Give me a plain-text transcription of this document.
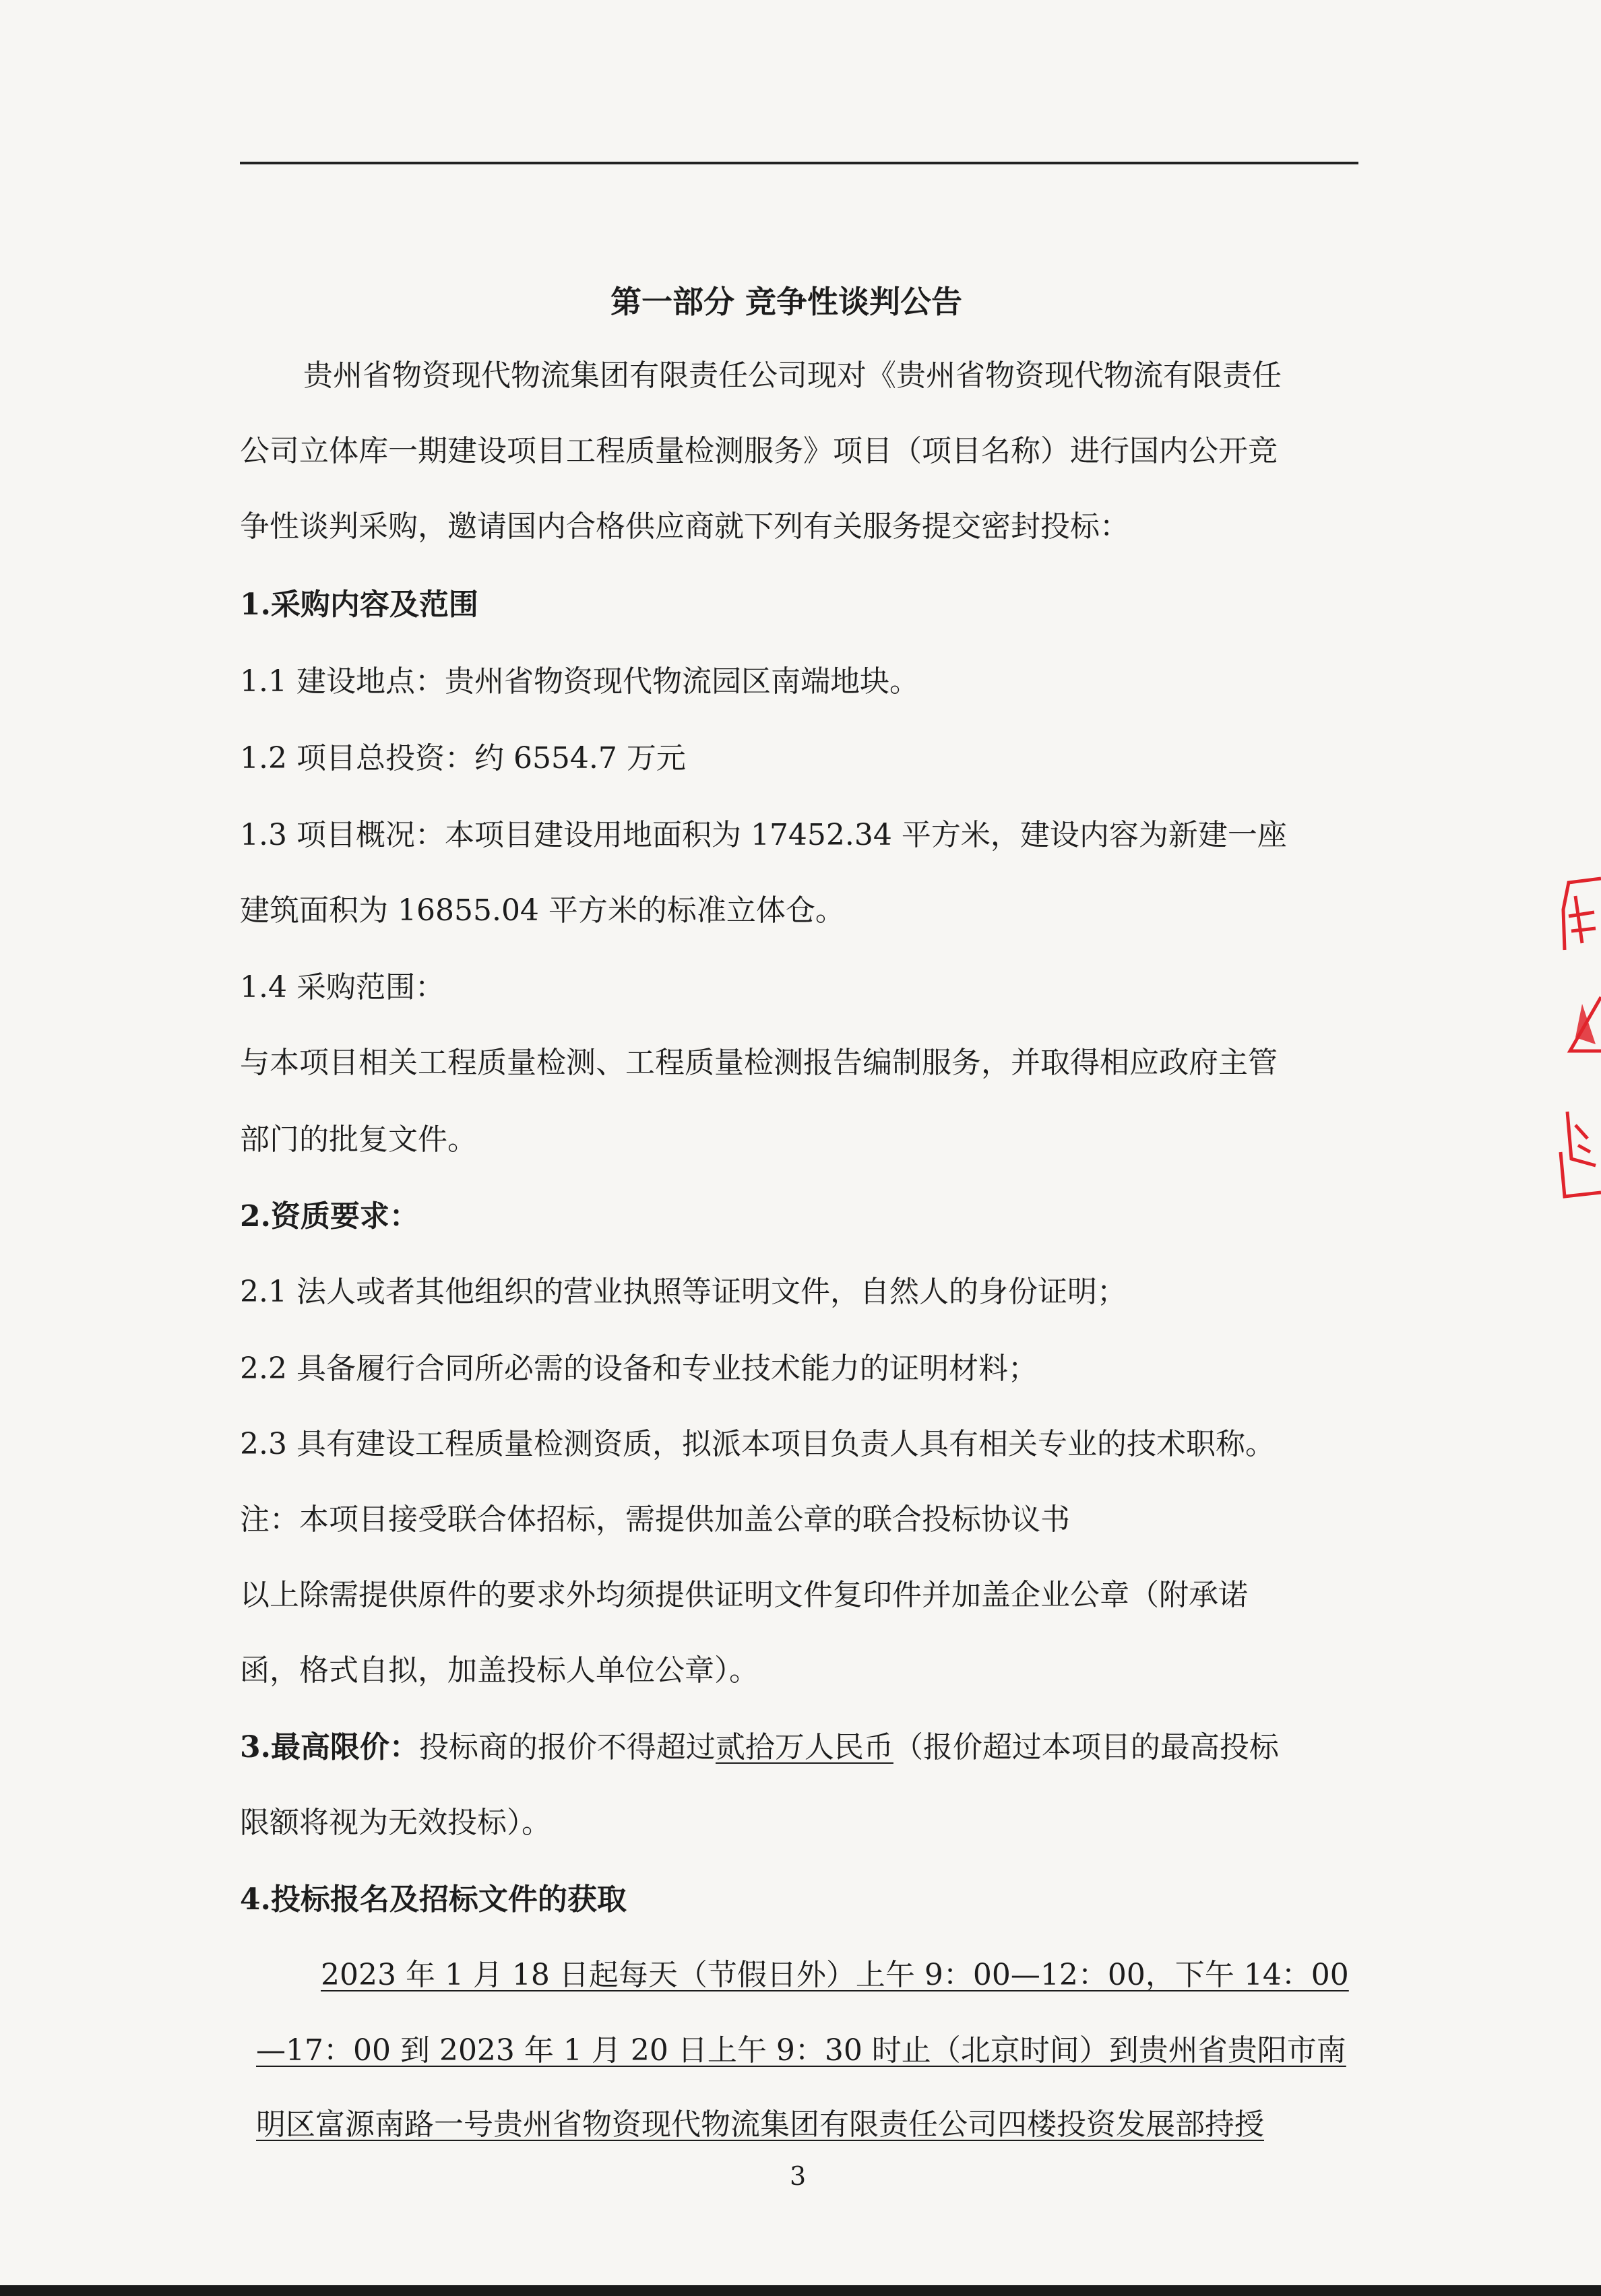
第一部分 竞争性谈判公告
贵州省物资现代物流集团有限责任公司现对《贵州省物资现代物流有限责任
公司立体库一期建设项目工程质量检测服务》项目（项目名称）进行国内公开竞
争性谈判采购，邀请国内合格供应商就下列有关服务提交密封投标：
1.采购内容及范围
1.1 建设地点：贵州省物资现代物流园区南端地块。
1.2 项目总投资：约 6554.7 万元
1.3 项目概况：本项目建设用地面积为 17452.34 平方米，建设内容为新建一座
建筑面积为 16855.04 平方米的标准立体仓。
1.4 采购范围：
与本项目相关工程质量检测、工程质量检测报告编制服务，并取得相应政府主管
部门的批复文件。
2.资质要求：
2.1 法人或者其他组织的营业执照等证明文件，自然人的身份证明；
2.2 具备履行合同所必需的设备和专业技术能力的证明材料；
2.3 具有建设工程质量检测资质，拟派本项目负责人具有相关专业的技术职称。
注：本项目接受联合体招标，需提供加盖公章的联合投标协议书
以上除需提供原件的要求外均须提供证明文件复印件并加盖企业公章（附承诺
函，格式自拟，加盖投标人单位公章）。
3.最高限价：投标商的报价不得超过贰拾万人民币（报价超过本项目的最高投标
限额将视为无效投标）。
4.投标报名及招标文件的获取
2023 年 1 月 18 日起每天（节假日外）上午 9：00—12：00，下午 14：00
—17：00 到 2023 年 1 月 20 日上午 9：30 时止（北京时间）到贵州省贵阳市南
明区富源南路一号贵州省物资现代物流集团有限责任公司四楼投资发展部持授
3
